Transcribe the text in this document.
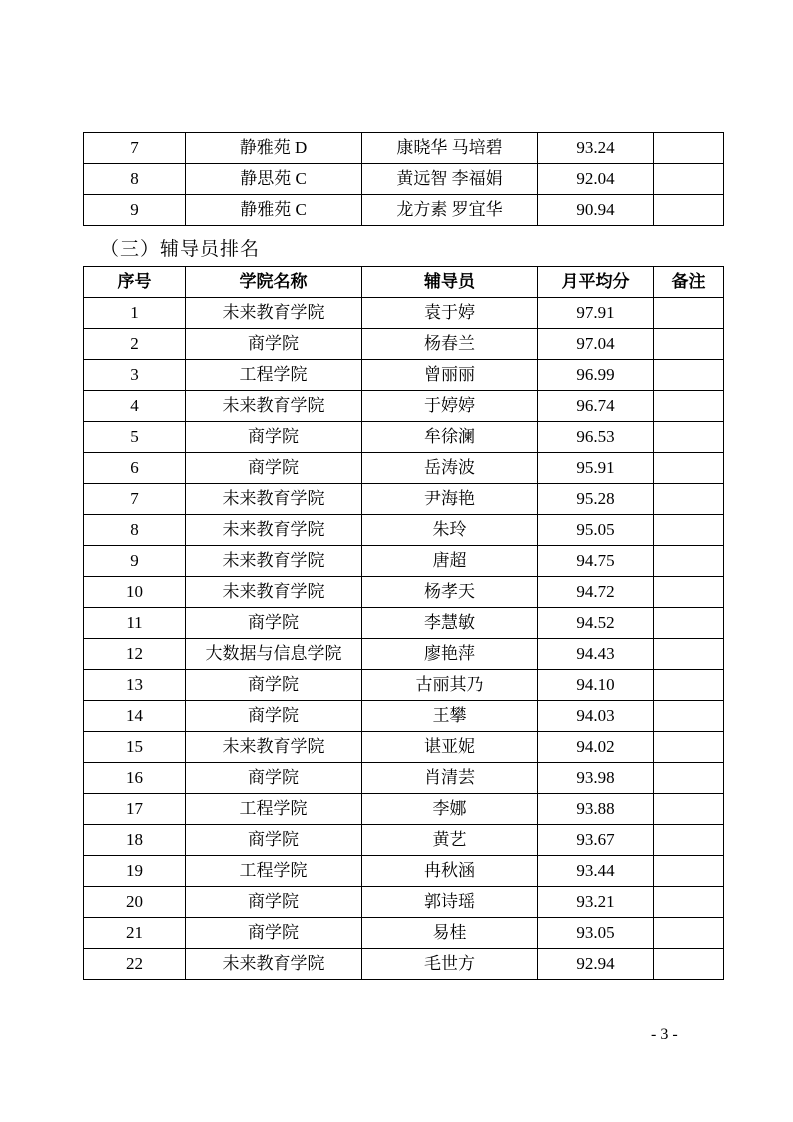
7	静雅苑 D	康晓华 马培碧	93.24	
8	静思苑 C	黄远智 李福娟	92.04	
9	静雅苑 C	龙方素 罗宜华	90.94	
（三）辅导员排名
序号	学院名称	辅导员	月平均分	备注
1	未来教育学院	袁于婷	97.91	
2	商学院	杨春兰	97.04	
3	工程学院	曾丽丽	96.99	
4	未来教育学院	于婷婷	96.74	
5	商学院	牟徐澜	96.53	
6	商学院	岳涛波	95.91	
7	未来教育学院	尹海艳	95.28	
8	未来教育学院	朱玲	95.05	
9	未来教育学院	唐超	94.75	
10	未来教育学院	杨孝天	94.72	
11	商学院	李慧敏	94.52	
12	大数据与信息学院	廖艳萍	94.43	
13	商学院	古丽其乃	94.10	
14	商学院	王攀	94.03	
15	未来教育学院	谌亚妮	94.02	
16	商学院	肖清芸	93.98	
17	工程学院	李娜	93.88	
18	商学院	黄艺	93.67	
19	工程学院	冉秋涵	93.44	
20	商学院	郭诗瑶	93.21	
21	商学院	易桂	93.05	
22	未来教育学院	毛世方	92.94	
- 3 -
